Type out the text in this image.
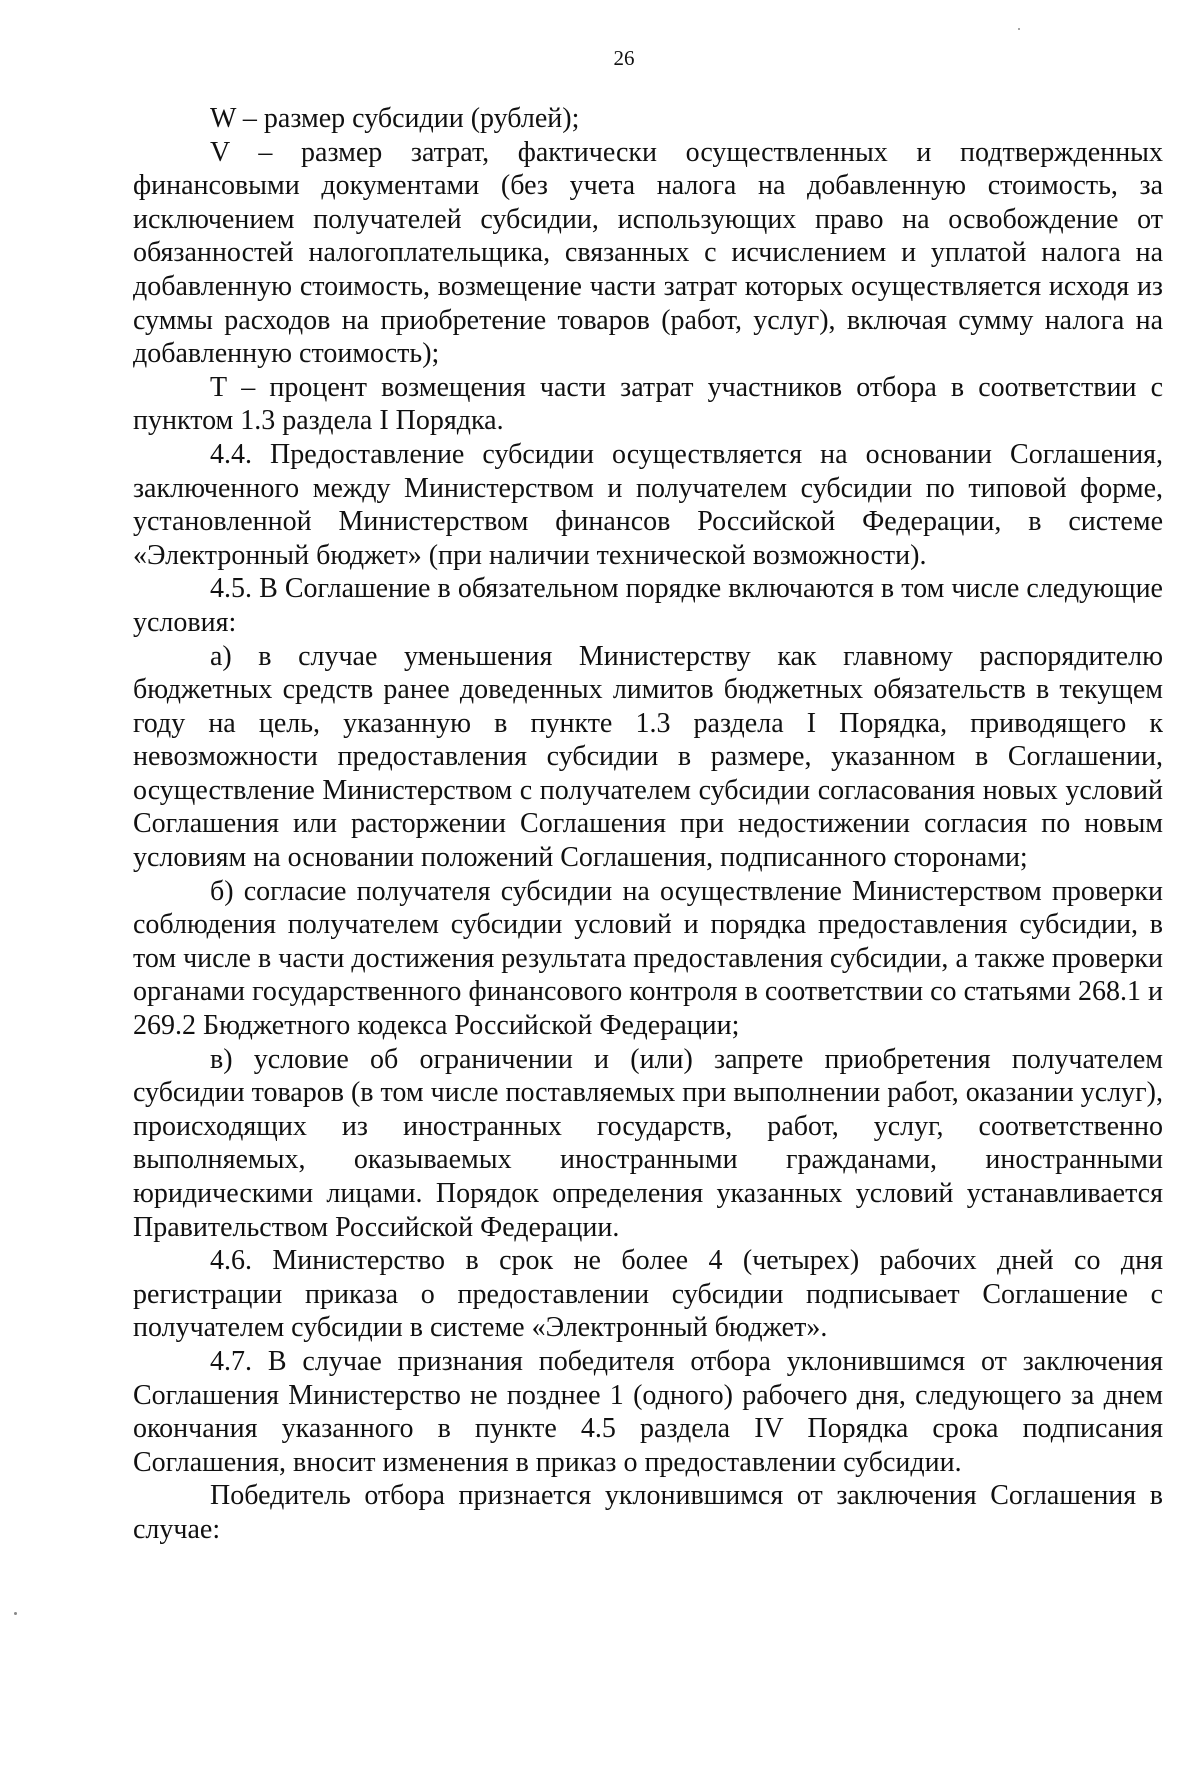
26

W – размер субсидии (рублей);

V – размер затрат, фактически осуществленных и подтвержденных финансовыми документами (без учета налога на добавленную стоимость, за исключением получателей субсидии, использующих право на освобождение от обязанностей налогоплательщика, связанных с исчислением и уплатой налога на добавленную стоимость, возмещение части затрат которых осуществляется исходя из суммы расходов на приобретение товаров (работ, услуг), включая сумму налога на добавленную стоимость);

Т – процент возмещения части затрат участников отбора в соответствии с пунктом 1.3 раздела I Порядка.

4.4. Предоставление субсидии осуществляется на основании Соглашения, заключенного между Министерством и получателем субсидии по типовой форме, установленной Министерством финансов Российской Федерации, в системе «Электронный бюджет» (при наличии технической возможности).

4.5. В Соглашение в обязательном порядке включаются в том числе следующие условия:

а) в случае уменьшения Министерству как главному распорядителю бюджетных средств ранее доведенных лимитов бюджетных обязательств в текущем году на цель, указанную в пункте 1.3 раздела I Порядка, приводящего к невозможности предоставления субсидии в размере, указанном в Соглашении, осуществление Министерством с получателем субсидии согласования новых условий Соглашения или расторжении Соглашения при недостижении согласия по новым условиям на основании положений Соглашения, подписанного сторонами;

б) согласие получателя субсидии на осуществление Министерством проверки соблюдения получателем субсидии условий и порядка предоставления субсидии, в том числе в части достижения результата предоставления субсидии, а также проверки органами государственного финансового контроля в соответствии со статьями 268.1 и 269.2 Бюджетного кодекса Российской Федерации;

в) условие об ограничении и (или) запрете приобретения получателем субсидии товаров (в том числе поставляемых при выполнении работ, оказании услуг), происходящих из иностранных государств, работ, услуг, соответственно выполняемых, оказываемых иностранными гражданами, иностранными юридическими лицами. Порядок определения указанных условий устанавливается Правительством Российской Федерации.

4.6. Министерство в срок не более 4 (четырех) рабочих дней со дня регистрации приказа о предоставлении субсидии подписывает Соглашение с получателем субсидии в системе «Электронный бюджет».

4.7. В случае признания победителя отбора уклонившимся от заключения Соглашения Министерство не позднее 1 (одного) рабочего дня, следующего за днем окончания указанного в пункте 4.5 раздела IV Порядка срока подписания Соглашения, вносит изменения в приказ о предоставлении субсидии.

Победитель отбора признается уклонившимся от заключения Соглашения в случае:
